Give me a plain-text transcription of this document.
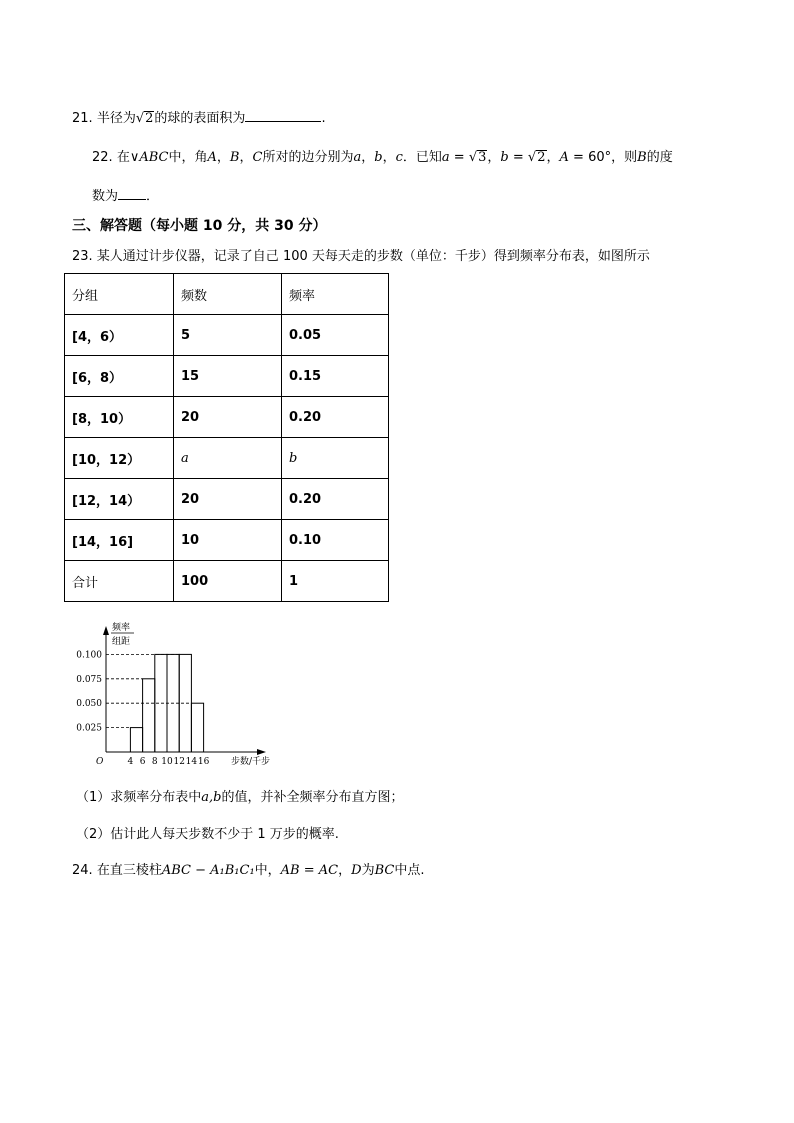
21. 半径为√2的球的表面积为	.
22. 在∨ABC中，角A，B，C所对的边分别为a，b，c．已知a = √3，b = √2，A = 60°，则B的度
数为 ．
三、解答题（每小题 10 分，共 30 分）
23. 某人通过计步仪器，记录了自己 100 天每天走的步数（单位：千步）得到频率分布表，如图所示
分组	频数	频率
[4，6）	5	0.05
[6，8）	15	0.15
[8，10）	20	0.20
[10，12）	a	b
[12，14）	20	0.20
[14，16]	10	0.10
合计	100	1
频率
组距
0.025
0.050
0.075
0.100
4 6 8 10 12 14 16
O	步数/千步
（1）求频率分布表中a,b的值，并补全频率分布直方图；
（2）估计此人每天步数不少于 1 万步的概率.
24. 在直三棱柱ABC − A₁B₁C₁中，AB = AC，D为BC中点.
